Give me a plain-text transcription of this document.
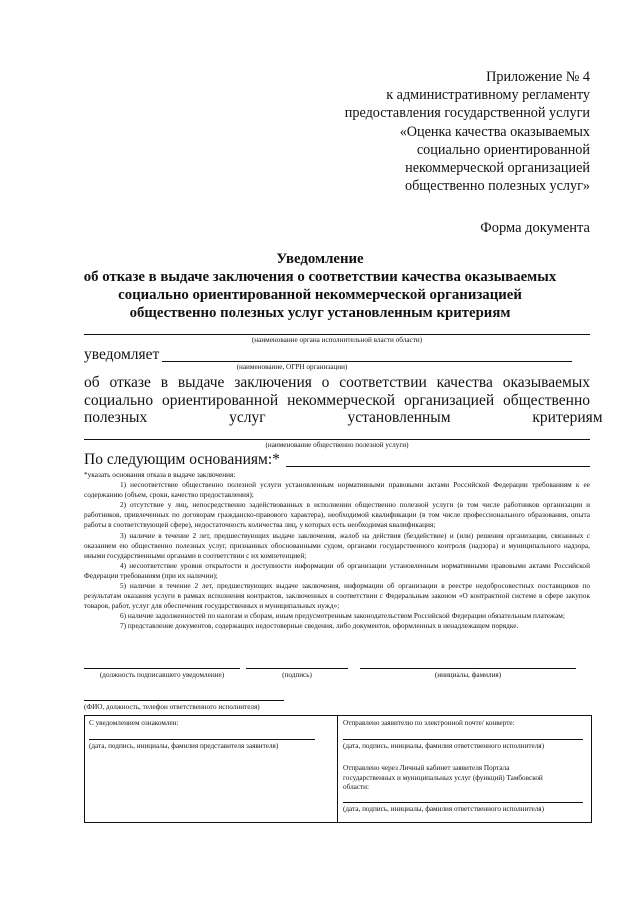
Приложение № 4
к административному регламенту
предоставления государственной услуги
«Оценка качества оказываемых
социально ориентированной
некоммерческой организацией
общественно полезных услуг»
Форма документа
Уведомление
об отказе в выдаче заключения о соответствии качества оказываемых
социально ориентированной некоммерческой организацией
общественно полезных услуг установленным критериям
(наименование органа исполнительной власти области)
уведомляет
(наименование, ОГРН организации)
об отказе в выдаче заключения о соответствии качества оказываемых
социально ориентированной некоммерческой организацией общественно
полезных услуг установленным критериям
(наименование общественно полезной услуги)
По следующим основаниям:*

*указать основания отказа в выдаче заключения:

1) несоответствие общественно полезной услуги установленным нормативными правовыми актами Российской Федерации требованиям к ее содержанию (объем, сроки, качество предоставления);

2) отсутствие у лиц, непосредственно задействованных в исполнении общественно полезной услуги (в том числе работников организации и работников, привлеченных по договорам гражданско-правового характера), необходимой квалификации (в том числе профессионального образования, опыта работы в соответствующей сфере), недостаточность количества лиц, у которых есть необходимая квалификация;

3) наличие в течение 2 лет, предшествующих выдаче заключения, жалоб на действия (бездействие) и (или) решения организации, связанных с оказанием ею общественно полезных услуг, признанных обоснованными судом, органами государственного контроля (надзора) и муниципального надзора, иными государственными органами в соответствии с их компетенцией;

4) несоответствие уровня открытости и доступности информации об организации установленным нормативными правовыми актами Российской Федерации требованиям (при их наличии);

5) наличие в течение 2 лет, предшествующих выдаче заключения, информации об организации в реестре недобросовестных поставщиков по результатам оказания услуги в рамках исполнения контрактов, заключенных в соответствии с Федеральным законом «О контрактной системе в сфере закупок товаров, работ, услуг для обеспечения государственных и муниципальных нужд»;

6) наличие задолженностей по налогам и сборам, иным предусмотренным законодательством Российской Федерации обязательным платежам;

7) представление документов, содержащих недостоверные сведения, либо документов, оформленных в ненадлежащем порядке.

(должность подписавшего уведомление)	(подпись)	(инициалы, фамилия)
(ФИО, должность, телефон ответственного исполнителя)
С уведомлением ознакомлен:
(дата, подпись, инициалы, фамилия представителя заявителя)
Отправлено заявителю по электронной почте/ конверте:
(дата, подпись, инициалы, фамилия ответственного исполнителя)
Отправлено через Личный кабинет заявителя Портала
государственных и муниципальных услуг (функций) Тамбовской
области:
(дата, подпись, инициалы, фамилия ответственного исполнителя)
